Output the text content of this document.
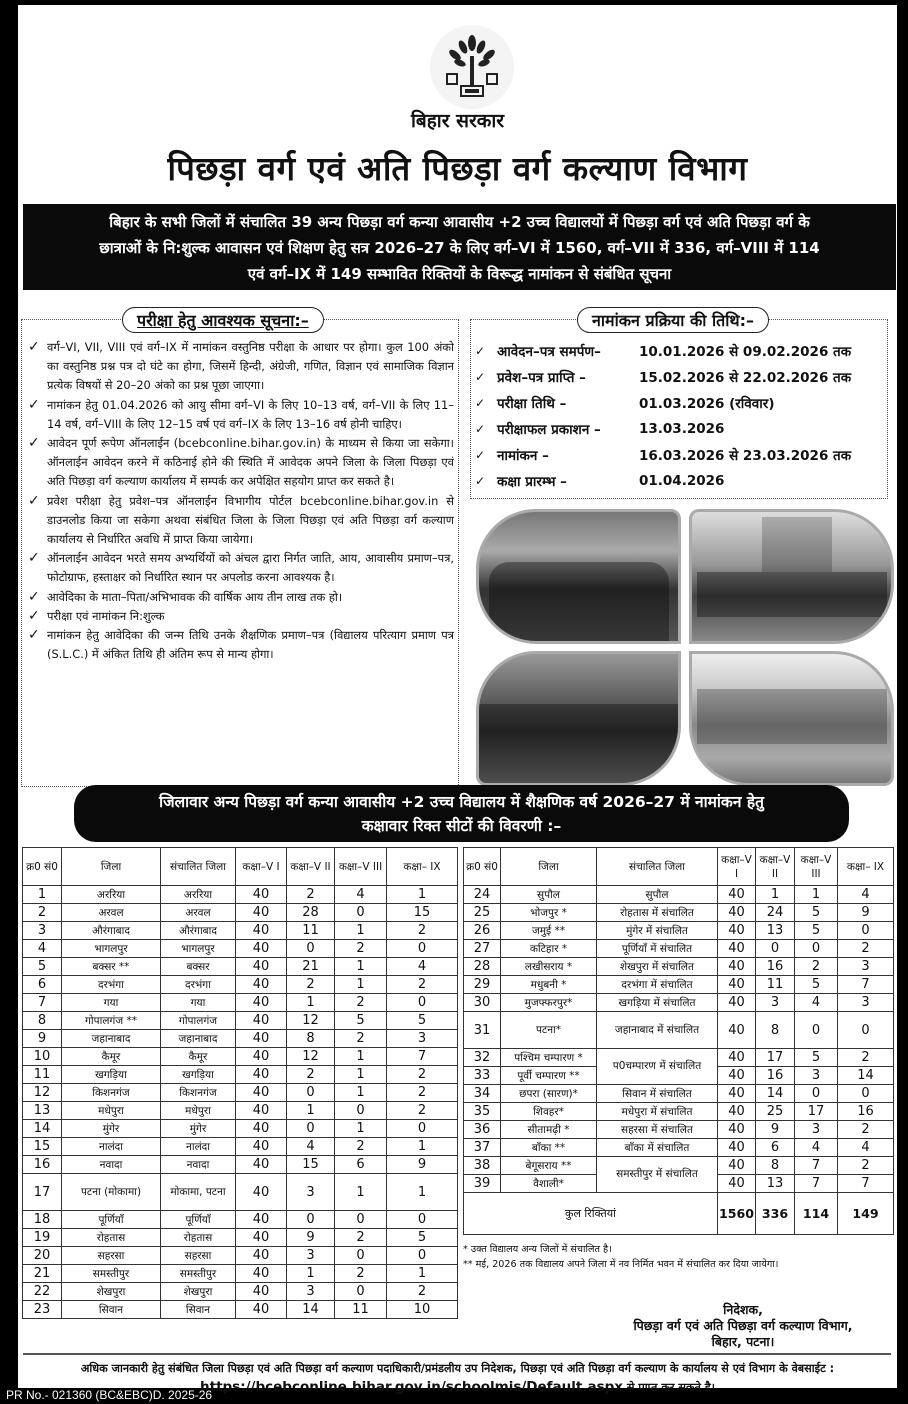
बिहार सरकार
पिछड़ा वर्ग एवं अति पिछड़ा वर्ग कल्याण विभाग
बिहार के सभी जिलों में संचालित 39 अन्य पिछड़ा वर्ग कन्या आवासीय +2 उच्च विद्यालयों में पिछड़ा वर्ग एवं अति पिछड़ा वर्ग के
छात्राओं के नि:शुल्क आवासन एवं शिक्षण हेतु सत्र 2026–27 के लिए वर्ग–VI में 1560, वर्ग–VII में 336, वर्ग–VIII में 114
एवं वर्ग–IX में 149 सम्भावित रिक्तियों के विरूद्ध नामांकन से संबंधित सूचना
परीक्षा हेतु आवश्यक सूचना:–
✓ वर्ग–VI, VII, VIII एवं वर्ग–IX में नामांकन वस्तुनिष्ठ परीक्षा के आधार पर होगा। कुल 100 अंको का वस्तुनिष्ठ प्रश्न पत्र दो घंटे का होगा, जिसमें हिन्दी, अंग्रेजी, गणित, विज्ञान एवं सामाजिक विज्ञान प्रत्येक विषयों से 20–20 अंको का प्रश्न पूछा जाएगा।
✓ नामांकन हेतु 01.04.2026 को आयु सीमा वर्ग–VI के लिए 10–13 वर्ष, वर्ग–VII के लिए 11–14 वर्ष, वर्ग–VIII के लिए 12–15 वर्ष एवं वर्ग–IX के लिए 13–16 वर्ष होनी चाहिए।
✓ आवेदन पूर्ण रूपेण ऑनलाईन (bcebconline.bihar.gov.in) के माध्यम से किया जा सकेगा। ऑनलाईन आवेदन करने में कठिनाई होने की स्थिति में आवेदक अपने जिला के जिला पिछड़ा एवं अति पिछड़ा वर्ग कल्याण कार्यालय में सम्पर्क कर अपेक्षित सहयोग प्राप्त कर सकते है।
✓ प्रवेश परीक्षा हेतु प्रवेश–पत्र ऑनलाईन विभागीय पोर्टल bcebconline.bihar.gov.in से डाउनलोड किया जा सकेगा अथवा संबंधित जिला के जिला पिछड़ा एवं अति पिछड़ा वर्ग कल्याण कार्यालय से निर्धारित अवधि में प्राप्त किया जायेगा।
✓ ऑनलाईन आवेदन भरते समय अभ्यर्थियों को अंचल द्वारा निर्गत जाति, आय, आवासीय प्रमाण–पत्र, फोटोग्राफ, हस्ताक्षर को निर्धारित स्थान पर अपलोड करना आवश्यक है।
✓ आवेदिका के माता–पिता/अभिभावक की वार्षिक आय तीन लाख तक हो।
✓ परीक्षा एवं नामांकन नि:शुल्क
✓ नामांकन हेतु आवेदिका की जन्म तिथि उनके शैक्षणिक प्रमाण–पत्र (विद्यालय परित्याग प्रमाण पत्र (S.L.C.) में अंकित तिथि ही अंतिम रूप से मान्य होगा।
नामांकन प्रक्रिया की तिथि:–
✓ आवेदन–पत्र समर्पण–	10.01.2026 से 09.02.2026 तक
✓ प्रवेश–पत्र प्राप्ति –	15.02.2026 से 22.02.2026 तक
✓ परीक्षा तिथि –	01.03.2026 (रविवार)
✓ परीक्षाफल प्रकाशन –	13.03.2026
✓ नामांकन –	16.03.2026 से 23.03.2026 तक
✓ कक्षा प्रारम्भ –	01.04.2026
जिलावार अन्य पिछड़ा वर्ग कन्या आवासीय +2 उच्च विद्यालय में शैक्षणिक वर्ष 2026–27 में नामांकन हेतु
कक्षावार रिक्त सीटों की विवरणी :–
क्र0 सं0	जिला	संचालित जिला	कक्षा–V I	कक्षा–V II	कक्षा–V III	कक्षा– IX
1	अररिया	अररिया	40	2	4	1
2	अरवल	अरवल	40	28	0	15
3	औरंगाबाद	औरंगाबाद	40	11	1	2
4	भागलपुर	भागलपुर	40	0	2	0
5	बक्सर **	बक्सर	40	21	1	4
6	दरभंगा	दरभंगा	40	2	1	2
7	गया	गया	40	1	2	0
8	गोपालगंज **	गोपालगंज	40	12	5	5
9	जहानाबाद	जहानाबाद	40	8	2	3
10	कैमूर	कैमूर	40	12	1	7
11	खगड़िया	खगड़िया	40	2	1	2
12	किशनगंज	किशनगंज	40	0	1	2
13	मधेपुरा	मधेपुरा	40	1	0	2
14	मुंगेर	मुंगेर	40	0	1	0
15	नालंदा	नालंदा	40	4	2	1
16	नवादा	नवादा	40	15	6	9
17	पटना (मोकामा)	मोकामा, पटना	40	3	1	1
18	पूर्णियाँ	पूर्णियाँ	40	0	0	0
19	रोहतास	रोहतास	40	9	2	5
20	सहरसा	सहरसा	40	3	0	0
21	समस्तीपुर	समस्तीपुर	40	1	2	1
22	शेखपुरा	शेखपुरा	40	3	0	2
23	सिवान	सिवान	40	14	11	10
क्र0 सं0	जिला	संचालित जिला	कक्षा–V I	कक्षा–V II	कक्षा–V III	कक्षा– IX
24	सुपौल	सुपौल	40	1	1	4
25	भोजपुर *	रोहतास में संचालित	40	24	5	9
26	जमुई **	मुंगेर में संचालित	40	13	5	0
27	कटिहार *	पूर्णियाँ में संचालित	40	0	0	2
28	लखीसराय *	शेखपुरा में संचालित	40	16	2	3
29	मधुबनी *	दरभंगा में संचालित	40	11	5	7
30	मुजफ्फरपुर*	खगड़िया में संचालित	40	3	4	3
31	पटना*	जहानाबाद में संचालित	40	8	0	0
32	पश्चिम चम्पारण *	प0चम्पारण में संचालित	40	17	5	2
33	पूर्वी चम्पारण **		40	16	3	14
34	छपरा (सारण)*	सिवान में संचालित	40	14	0	0
35	शिवहर*	मधेपुरा में संचालित	40	25	17	16
36	सीतामढ़ी *	सहरसा में संचालित	40	9	3	2
37	बाँका **	बाँका में संचालित	40	6	4	4
38	बेगूसराय **	समस्तीपुर में संचालित	40	8	7	2
39	वैशाली*		40	13	7	7
कुल रिक्तियां			1560	336	114	149
* उक्त विद्यालय अन्य जिलों में संचालित है।
** मई, 2026 तक विद्यालय अपने जिला में नव निर्मित भवन में संचालित कर दिया जायेगा।
निदेशक,
पिछड़ा वर्ग एवं अति पिछड़ा वर्ग कल्याण विभाग,
बिहार, पटना।
अधिक जानकारी हेतु संबंधित जिला पिछड़ा एवं अति पिछड़ा वर्ग कल्याण पदाधिकारी/प्रमंडलीय उप निदेशक, पिछड़ा एवं अति पिछड़ा वर्ग कल्याण के कार्यालय से एवं विभाग के वेबसाईट :
https://bcebconline.bihar.gov.in/schoolmis/Default.aspx से प्राप्त कर सकते है।
PR No.- 021360 (BC&EBC)D. 2025-26
